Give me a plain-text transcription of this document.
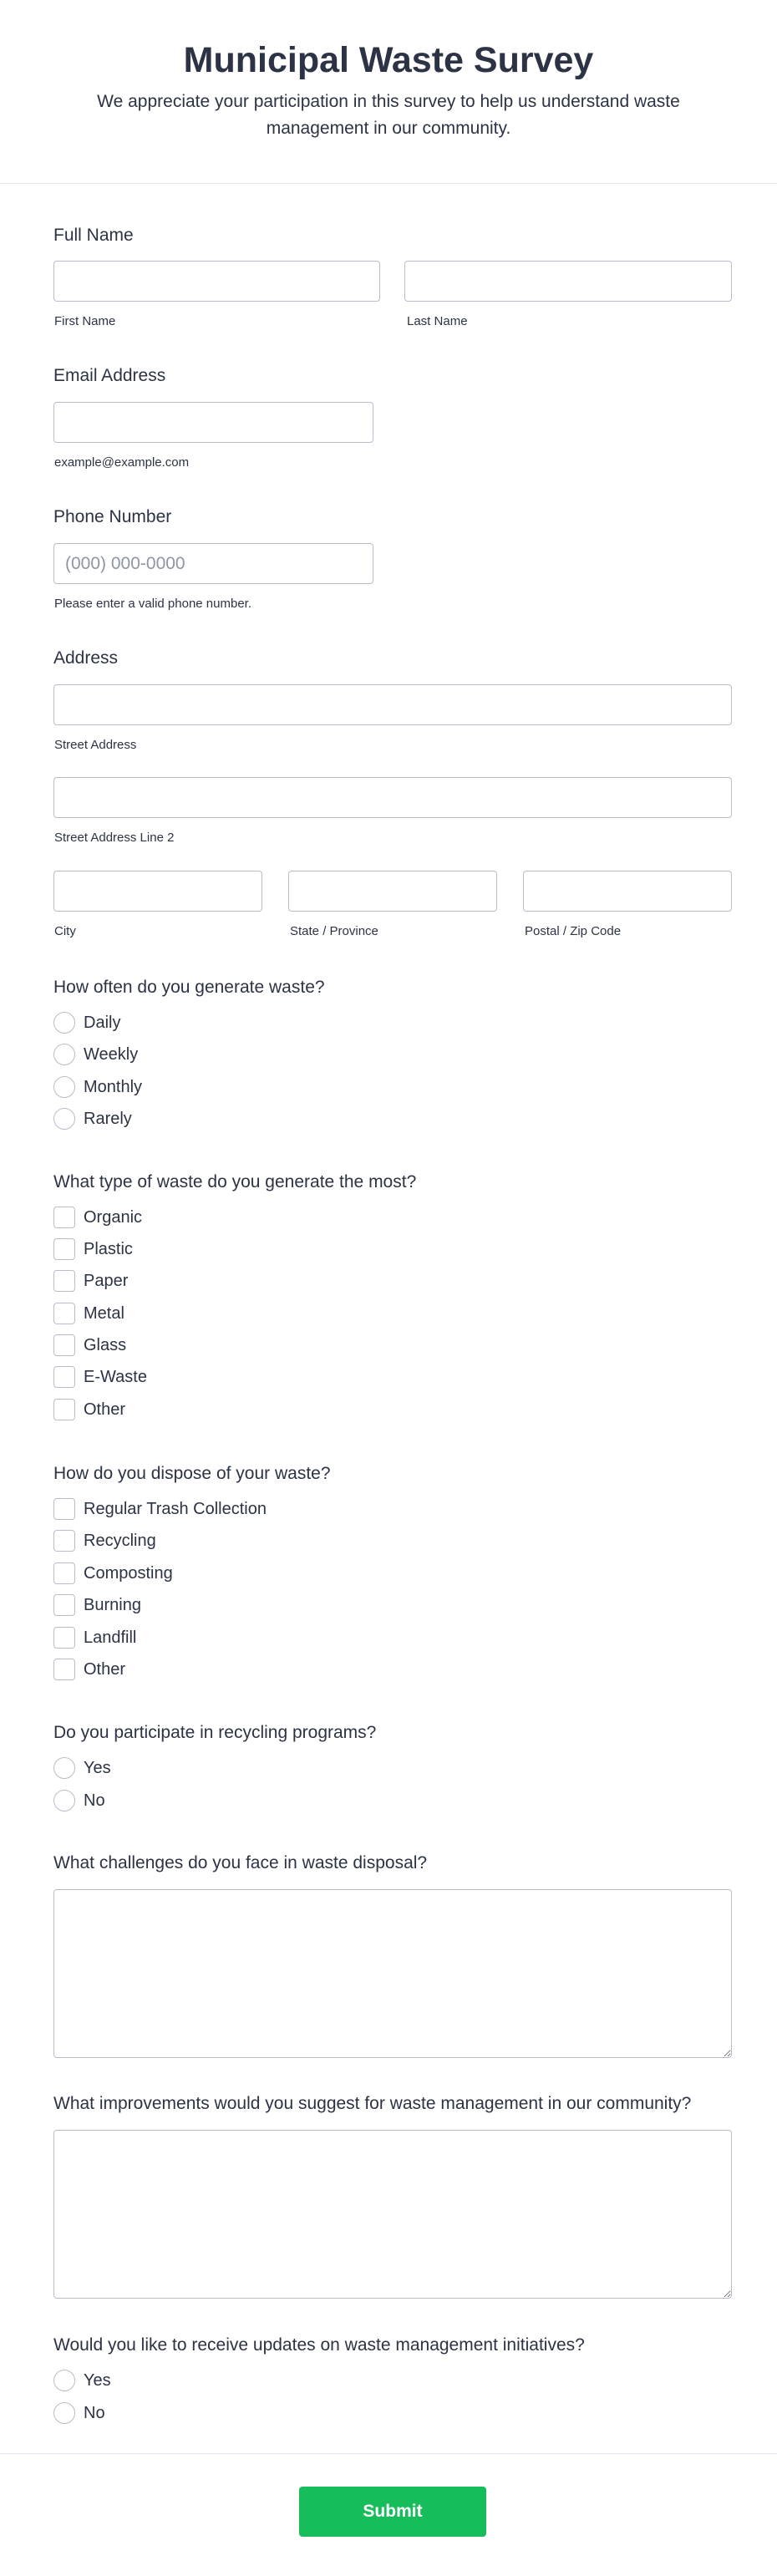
Municipal Waste Survey
We appreciate your participation in this survey to help us understand waste management in our community.
Full Name
First Name	Last Name
Email Address
example@example.com
Phone Number
(000) 000-0000
Please enter a valid phone number.
Address
Street Address
Street Address Line 2
City	State / Province	Postal / Zip Code
How often do you generate waste?
Daily
Weekly
Monthly
Rarely
What type of waste do you generate the most?
Organic
Plastic
Paper
Metal
Glass
E-Waste
Other
How do you dispose of your waste?
Regular Trash Collection
Recycling
Composting
Burning
Landfill
Other
Do you participate in recycling programs?
Yes
No
What challenges do you face in waste disposal?
What improvements would you suggest for waste management in our community?
Would you like to receive updates on waste management initiatives?
Yes
No
Submit
